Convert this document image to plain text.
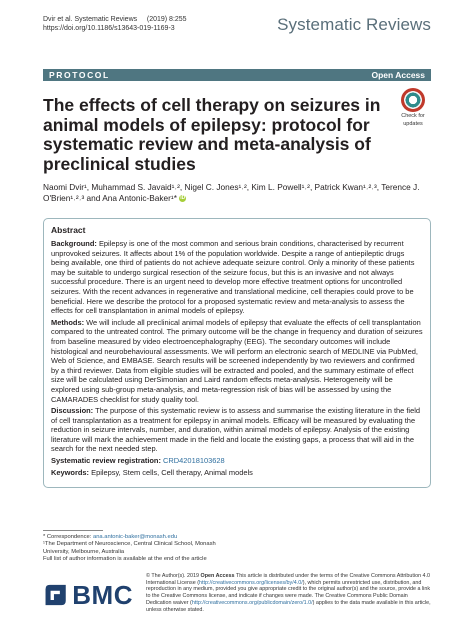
Dvir et al. Systematic Reviews (2019) 8:255
https://doi.org/10.1186/s13643-019-1169-3	Systematic Reviews
PROTOCOL	Open Access
The effects of cell therapy on seizures in animal models of epilepsy: protocol for systematic review and meta-analysis of preclinical studies
Check for
updates
Naomi Dvir¹, Muhammad S. Javaid¹˒², Nigel C. Jones¹˒², Kim L. Powell¹˒², Patrick Kwan¹˒²˒³, Terence J. O'Brien¹˒²˒³ and Ana Antonic-Baker¹* iD
Abstract

Background: Epilepsy is one of the most common and serious brain conditions, characterised by recurrent unprovoked seizures. It affects about 1% of the population worldwide. Despite a range of antiepileptic drugs being available, one third of patients do not achieve adequate seizure control. Only a minority of these patients may be suitable to undergo surgical resection of the seizure focus, but this is an invasive and not always successful procedure. There is an urgent need to develop more effective treatment options for uncontrolled seizures. With the recent advances in regenerative and translational medicine, cell therapies could prove to be beneficial. Here we describe the protocol for a proposed systematic review and meta-analysis to assess the effects for cell transplantation in animal models of epilepsy.

Methods: We will include all preclinical animal models of epilepsy that evaluate the effects of cell transplantation compared to the untreated control. The primary outcome will be the change in frequency and duration of seizures from baseline measured by video electroencephalography (EEG). The secondary outcomes will include histological and neurobehavioural assessments. We will perform an electronic search of MEDLINE via PubMed, Web of Science, and EMBASE. Search results will be screened independently by two reviewers and confirmed by a third reviewer. Data from eligible studies will be extracted and pooled, and the summary estimate of effect size will be calculated using DerSimonian and Laird random effects meta-analysis. Heterogeneity will be explored using sub-group meta-analysis, and meta-regression risk of bias will be assessed by using the CAMARADES checklist for study quality tool.

Discussion: The purpose of this systematic review is to assess and summarise the existing literature in the field of cell transplantation as a treatment for epilepsy in animal models. Efficacy will be measured by evaluating the reduction in seizure intervals, number, and duration, within animal models of epilepsy. Analysis of the existing literature will mark the achievement made in the field and locate the existing gaps, a process that will aid in the search for the next needed step.

Systematic review registration: CRD42018103628

Keywords: Epilepsy, Stem cells, Cell therapy, Animal models

* Correspondence: ana.antonic-baker@monash.edu
¹The Department of Neuroscience, Central Clinical School, Monash University, Melbourne, Australia
Full list of author information is available at the end of the article
BMC
© The Author(s). 2019 Open Access This article is distributed under the terms of the Creative Commons Attribution 4.0 International License (http://creativecommons.org/licenses/by/4.0/), which permits unrestricted use, distribution, and reproduction in any medium, provided you give appropriate credit to the original author(s) and the source, provide a link to the Creative Commons license, and indicate if changes were made. The Creative Commons Public Domain Dedication waiver (http://creativecommons.org/publicdomain/zero/1.0/) applies to the data made available in this article, unless otherwise stated.
